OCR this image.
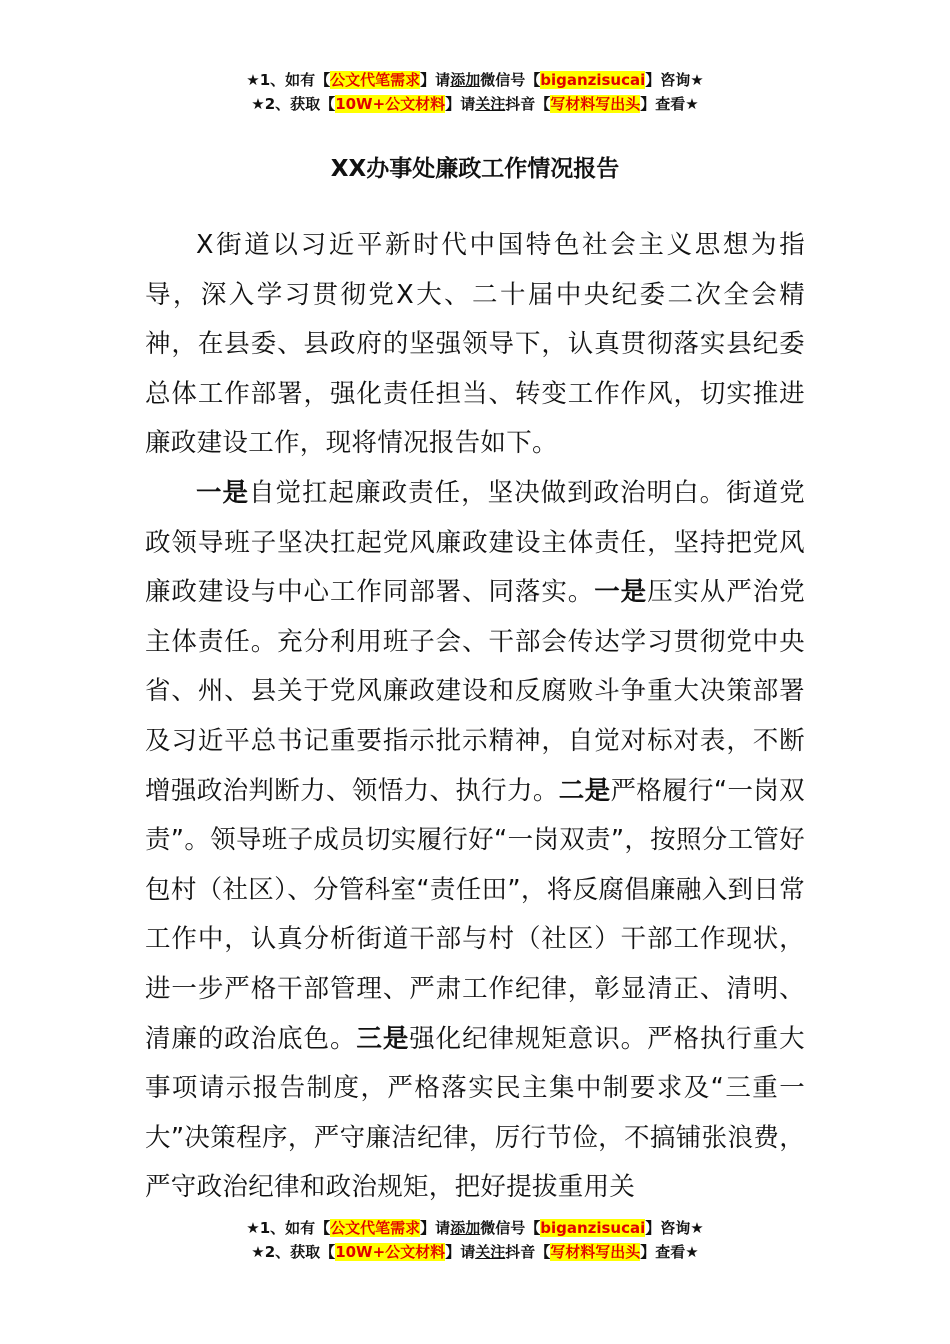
★1、如有【公文代笔需求】请添加微信号【biganzisucai】咨询★
★2、获取【10W+公文材料】请关注抖音【写材料写出头】查看★
XX办事处廉政工作情况报告

X街道以习近平新时代中国特色社会主义思想为指导，深入学习贯彻党X大、二十届中央纪委二次全会精神，在县委、县政府的坚强领导下，认真贯彻落实县纪委总体工作部署，强化责任担当、转变工作作风，切实推进廉政建设工作，现将情况报告如下。

一是自觉扛起廉政责任，坚决做到政治明白。街道党政领导班子坚决扛起党风廉政建设主体责任，坚持把党风廉政建设与中心工作同部署、同落实。一是压实从严治党主体责任。充分利用班子会、干部会传达学习贯彻党中央省、州、县关于党风廉政建设和反腐败斗争重大决策部署及习近平总书记重要指示批示精神，自觉对标对表，不断增强政治判断力、领悟力、执行力。二是严格履行“一岗双责”。领导班子成员切实履行好“一岗双责”，按照分工管好包村（社区）、分管科室“责任田”，将反腐倡廉融入到日常工作中，认真分析街道干部与村（社区）干部工作现状，进一步严格干部管理、严肃工作纪律，彰显清正、清明、清廉的政治底色。三是强化纪律规矩意识。严格执行重大事项请示报告制度，严格落实民主集中制要求及“三重一大”决策程序，严守廉洁纪律，厉行节俭，不搞铺张浪费，严守政治纪律和政治规矩，把好提拔重用关

★1、如有【公文代笔需求】请添加微信号【biganzisucai】咨询★
★2、获取【10W+公文材料】请关注抖音【写材料写出头】查看★
